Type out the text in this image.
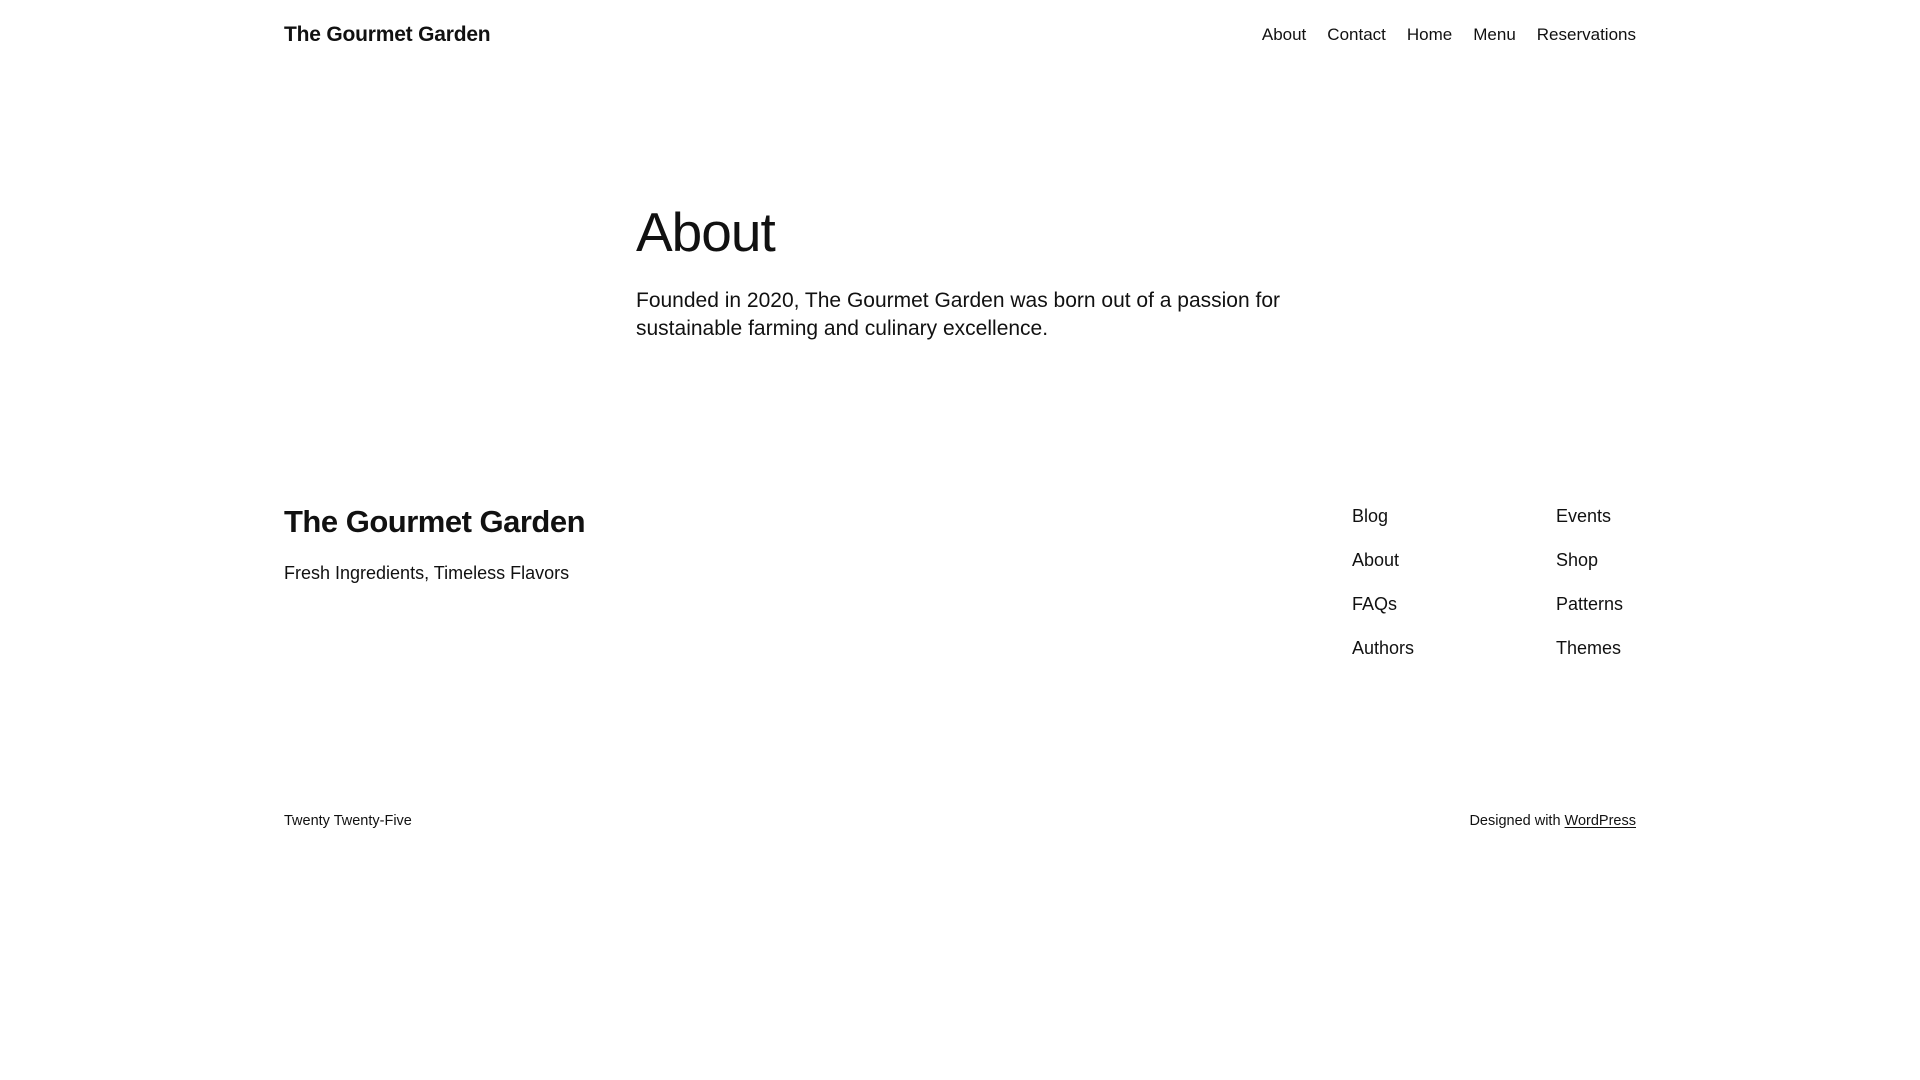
The Gourmet Garden	About Contact Home Menu Reservations
About

Founded in 2020, The Gourmet Garden was born out of a passion for sustainable farming and culinary excellence.

The Gourmet Garden
Fresh Ingredients, Timeless Flavors
Blog
About
FAQs
Authors
Events
Shop
Patterns
Themes
Twenty Twenty-Five	Designed with WordPress
